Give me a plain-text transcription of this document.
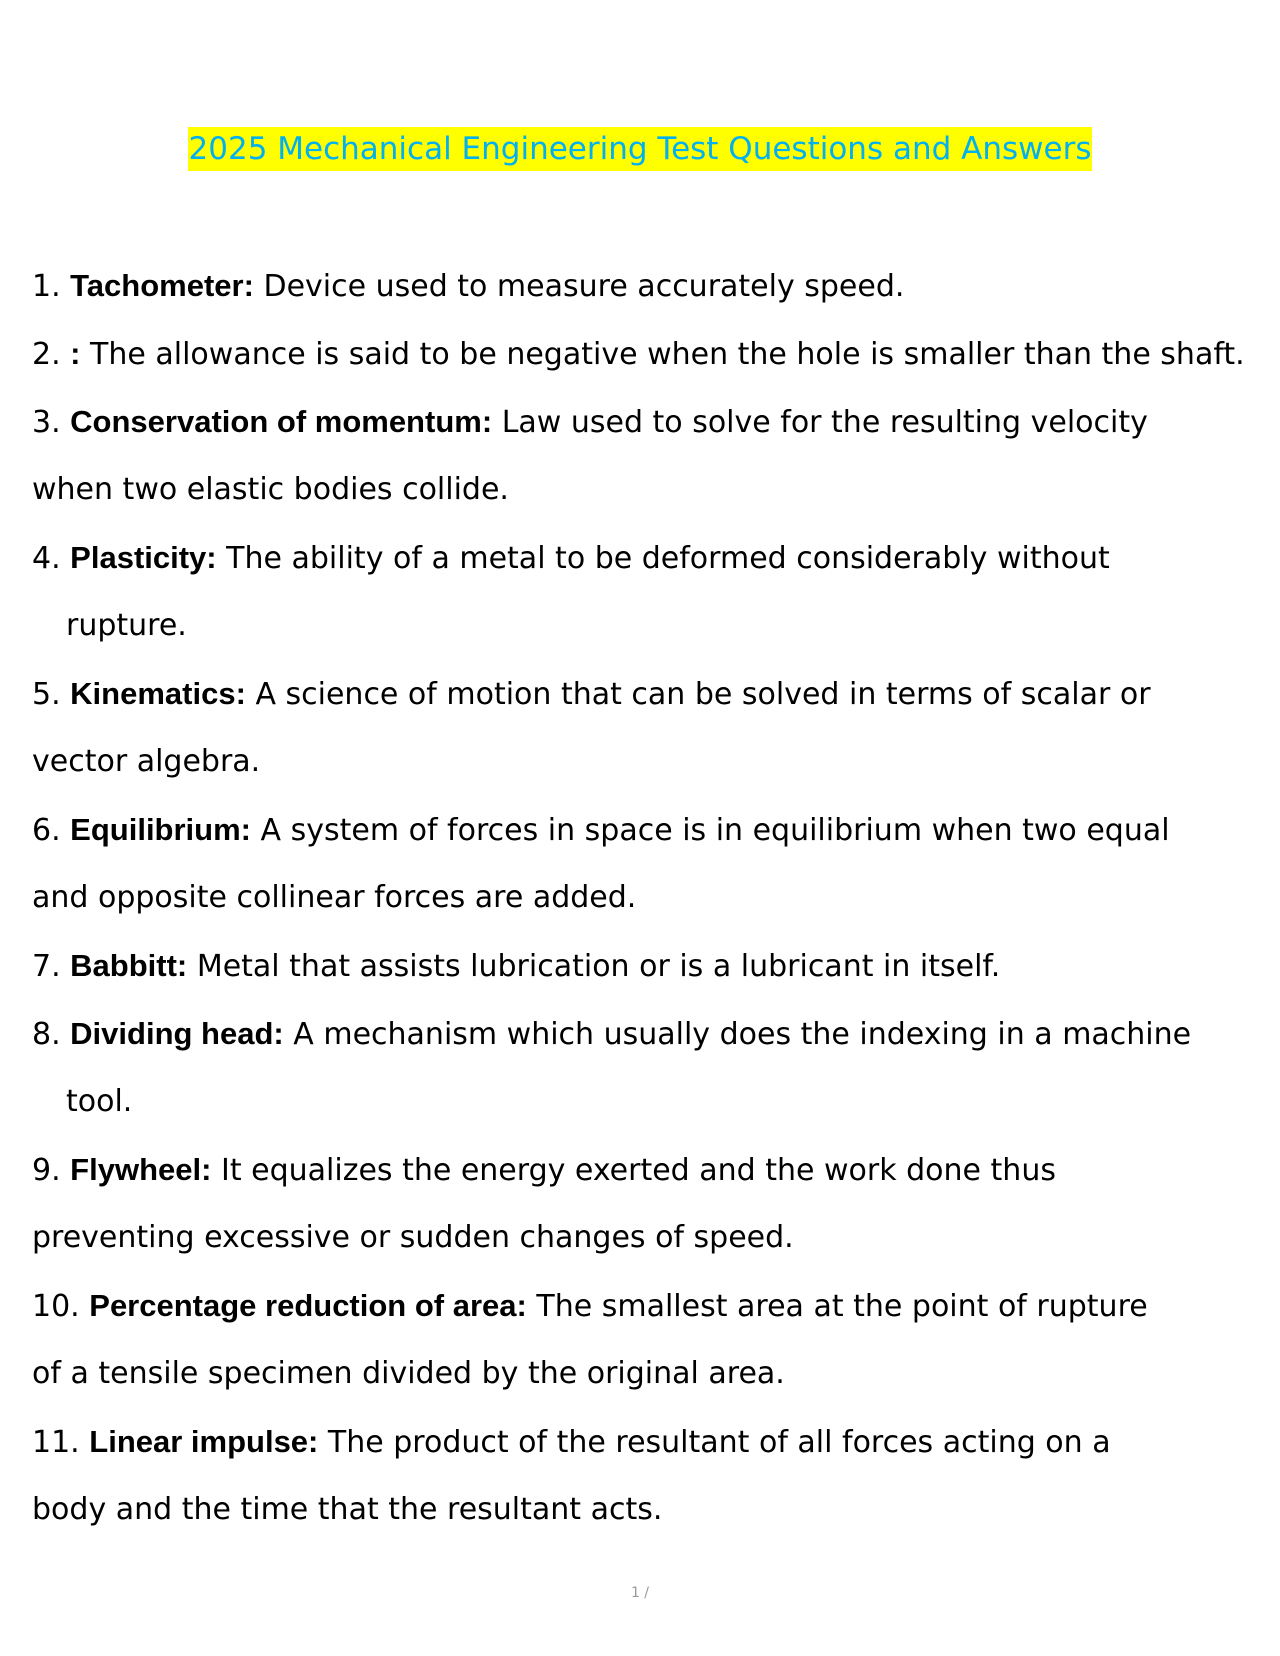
2025 Mechanical Engineering Test Questions and Answers
1. Tachometer: Device used to measure accurately speed.
2. : The allowance is said to be negative when the hole is smaller than the shaft.
3. Conservation of momentum: Law used to solve for the resulting velocity
when two elastic bodies collide.
4. Plasticity: The ability of a metal to be deformed considerably without
rupture.
5. Kinematics: A science of motion that can be solved in terms of scalar or
vector algebra.
6. Equilibrium: A system of forces in space is in equilibrium when two equal
and opposite collinear forces are added.
7. Babbitt: Metal that assists lubrication or is a lubricant in itself.
8. Dividing head: A mechanism which usually does the indexing in a machine
tool.
9. Flywheel: It equalizes the energy exerted and the work done thus
preventing excessive or sudden changes of speed.
10. Percentage reduction of area: The smallest area at the point of rupture
of a tensile specimen divided by the original area.
11. Linear impulse: The product of the resultant of all forces acting on a
body and the time that the resultant acts.
1 /
